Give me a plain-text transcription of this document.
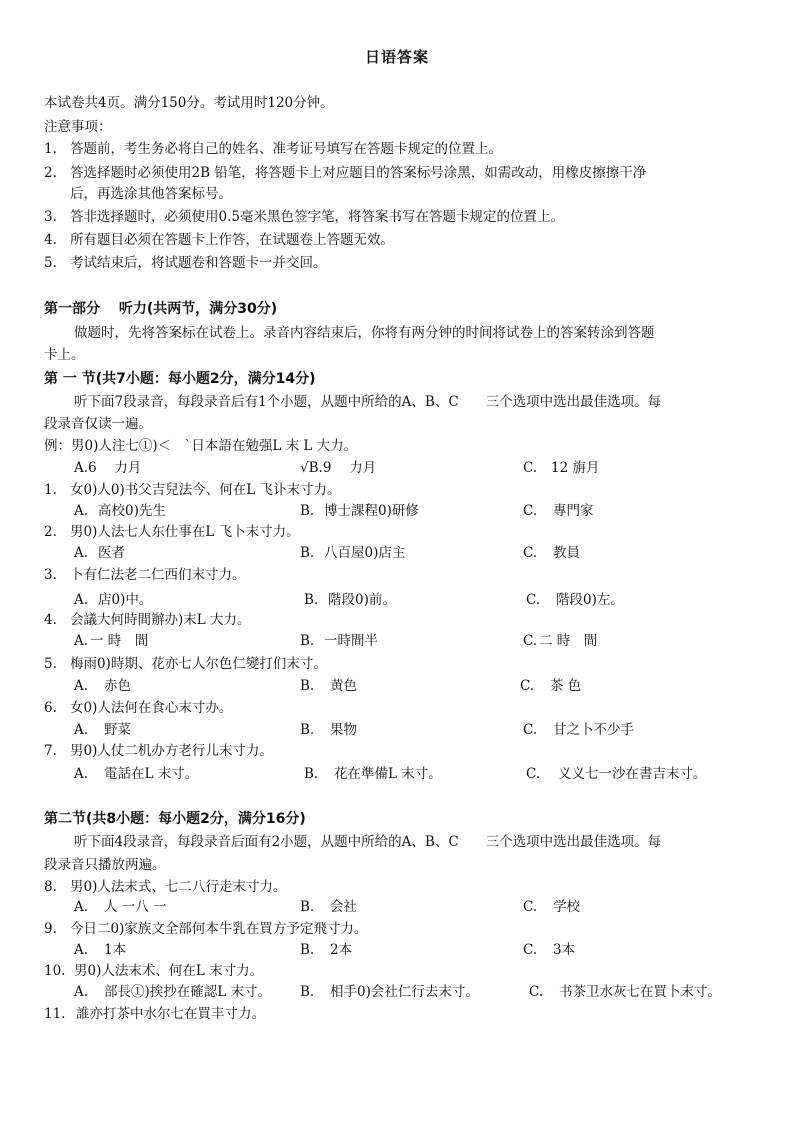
日语答案
本试卷共4页。满分150分。考试用时120分钟。
注意事项：
1. 答题前，考生务必将自己的姓名、准考证号填写在答题卡规定的位置上。
2. 答选择题时必须使用2B 铅笔，将答题卡上对应题目的答案标号涂黑，如需改动，用橡皮擦擦干净
后，再选涂其他答案标号。
3. 答非选择题时，必须使用0.5毫米黑色签字笔，将答案书写在答题卡规定的位置上。
4. 所有题目必须在答题卡上作答，在试题卷上答题无效。
5. 考试结束后，将试题卷和答题卡一并交回。
第一部分　 听力(共两节，满分30分)
做题时，先将答案标在试卷上。录音内容结束后，你将有两分钟的时间将试卷上的答案转涂到答题
卡上。
第 一 节(共7小题：每小题2分，满分14分)
听下面7段录音，每段录音后有1个小题，从题中所给的A、B、C　　三个选项中选出最佳选项。每
段录音仅读一遍。
例：男0)人注七①)＜　`日本語在勉强L 末 L 大力。
A.6　 力月	√B.9　 力月	C. 12 旃月
1. 女0)人0)书父吉兒法今、何在L 飞讣末寸力。
A. 高校0)先生	B. 博士課程0)研修	C. 專門家
2. 男0)人法七人东仕事在L 飞卜末寸力。
A. 医者	B. 八百屋0)店主	C. 教員
3. 卜有仁法老二仁西们末寸力。
A. 店0)中。	B. 階段0)前。	C. 階段0)左。
4. 会議大何時間辦办)末L 大力。
A. 一 時　間	B. 一時間半	C. 二 時　間
5. 梅雨0)時期、花亦七人尔色仁變打们末寸。
A. 赤色	B. 黄色	C. 茶 色
6. 女0)人法何在食心末寸办。
A. 野菜	B. 果物	C. 甘之卜不少手
7. 男0)人仗二机办方老行儿末寸力。
A. 電話在L 末寸。	B. 花在準備L 末寸。	C. 义义七一沙在書吉末寸。
第二节(共8小题：每小题2分，满分16分)
听下面4段录音，每段录音后面有2小题，从题中所给的A、B、C　　三个选项中选出最佳选项。每
段录音只播放两遍。
8. 男0)人法末式、七二八行走末寸力。
A. 人 一八 一	B. 会社	C. 学校
9. 今日二0)家族文全部何本牛乳在買方予定飛寸力。
A. 1本	B. 2本	C. 3本
10. 男0)人法末术、何在L 末寸力。
A. 部長①)挨抄在確認L 末寸。 B. 相手0)会社仁行去末寸。	C. 书茶卫水灰七在買卜末寸。
11. 誰亦打茶中水尔七在買丰寸力。
